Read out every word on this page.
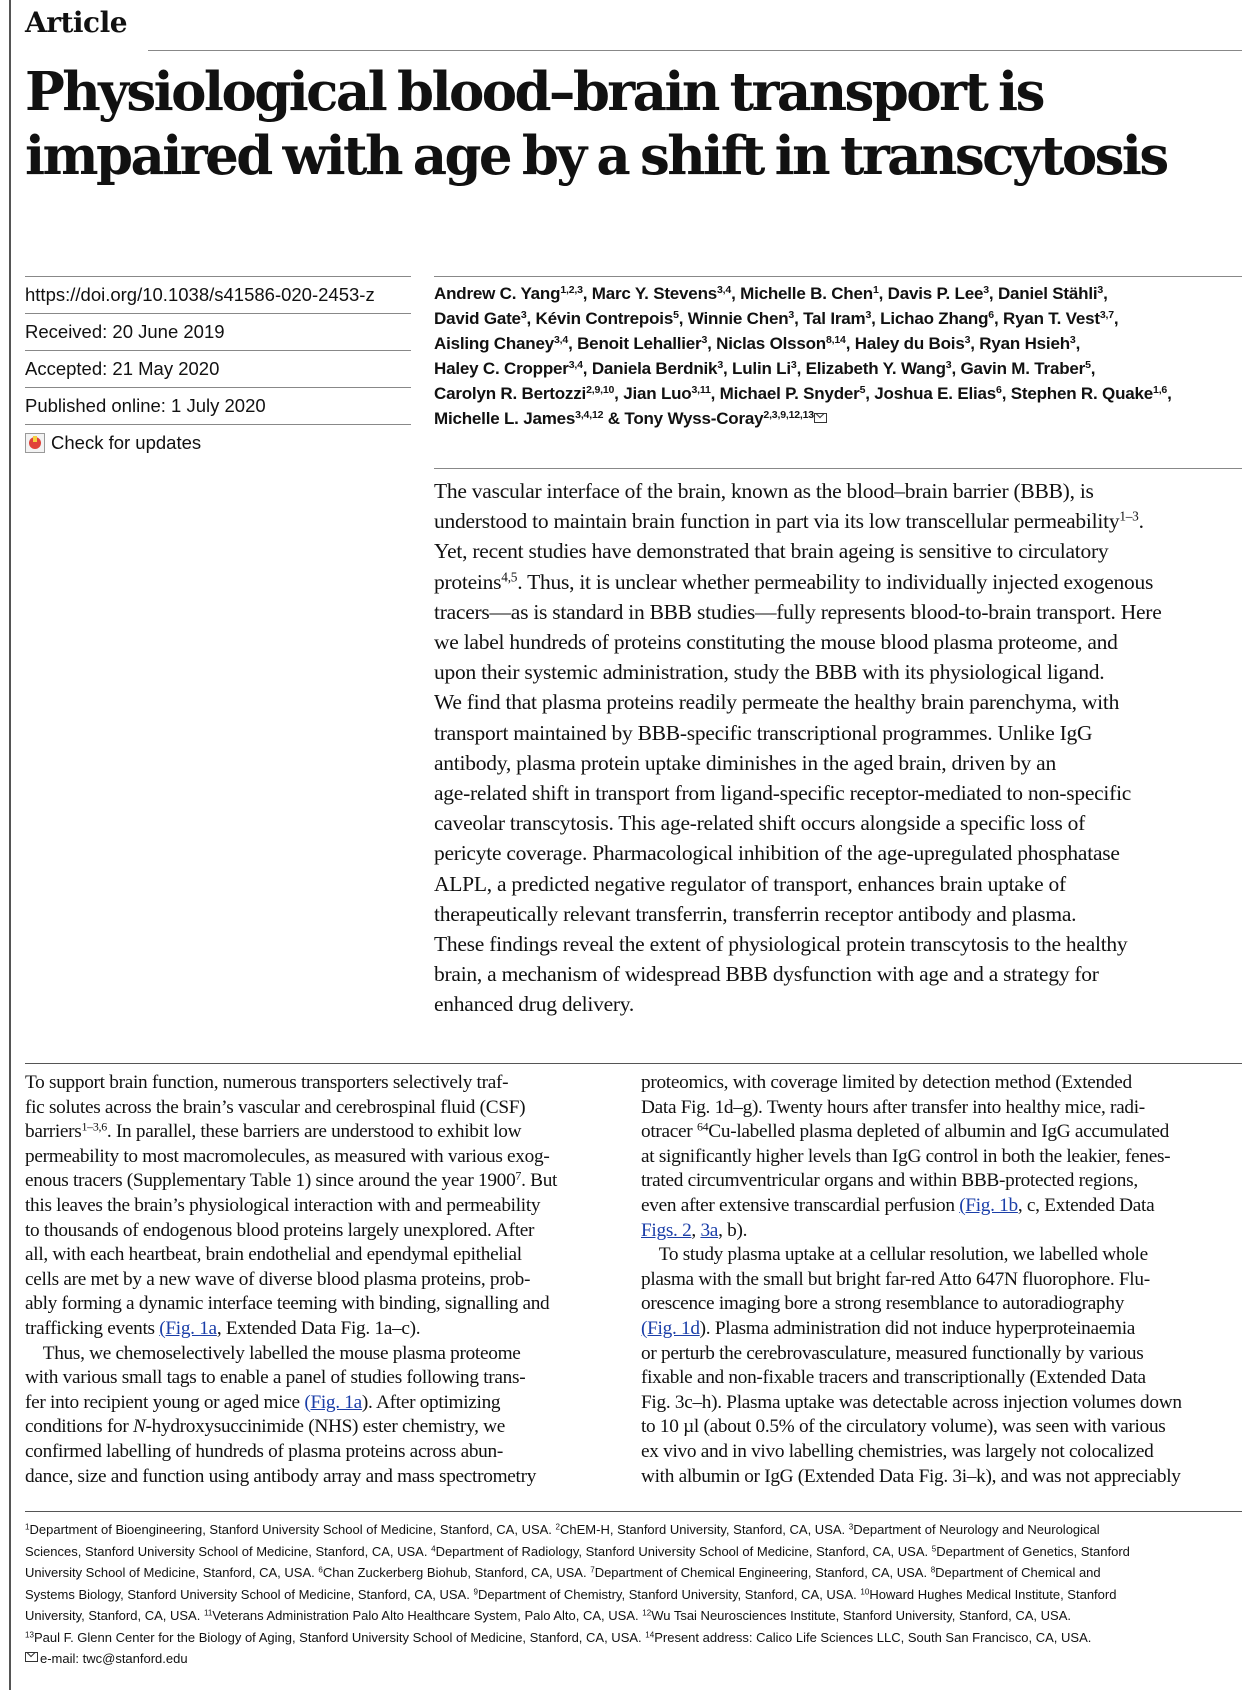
Article
Physiological blood–brain transport is
impaired with age by a shift in transcytosis
https://doi.org/10.1038/s41586-020-2453-z
Received: 20 June 2019
Accepted: 21 May 2020
Published online: 1 July 2020
Check for updates
Andrew C. Yang$^{1,2,3}$, Marc Y. Stevens$^{3,4}$, Michelle B. Chen$^1$, Davis P. Lee$^3$, Daniel Stähli$^3$,
David Gate$^3$, Kévin Contrepois$^5$, Winnie Chen$^3$, Tal Iram$^3$, Lichao Zhang$^6$, Ryan T. Vest$^{3,7}$,
Aisling Chaney$^{3,4}$, Benoit Lehallier$^3$, Niclas Olsson$^{8,14}$, Haley du Bois$^3$, Ryan Hsieh$^3$,
Haley C. Cropper$^{3,4}$, Daniela Berdnik$^3$, Lulin Li$^3$, Elizabeth Y. Wang$^3$, Gavin M. Traber$^5$,
Carolyn R. Bertozzi$^{2,9,10}$, Jian Luo$^{3,11}$, Michael P. Snyder$^5$, Joshua E. Elias$^6$, Stephen R. Quake$^{1,6}$,
Michelle L. James$^{3,4,12}$ & Tony Wyss-Coray$^{2,3,9,12,13}$
The vascular interface of the brain, known as the blood–brain barrier (BBB), is
understood to maintain brain function in part via its low transcellular permeability$^{1-3}$.
Yet, recent studies have demonstrated that brain ageing is sensitive to circulatory
proteins$^{4,5}$. Thus, it is unclear whether permeability to individually injected exogenous
tracers—as is standard in BBB studies—fully represents blood-to-brain transport. Here
we label hundreds of proteins constituting the mouse blood plasma proteome, and
upon their systemic administration, study the BBB with its physiological ligand.
We find that plasma proteins readily permeate the healthy brain parenchyma, with
transport maintained by BBB-specific transcriptional programmes. Unlike IgG
antibody, plasma protein uptake diminishes in the aged brain, driven by an
age-related shift in transport from ligand-specific receptor-mediated to non-specific
caveolar transcytosis. This age-related shift occurs alongside a specific loss of
pericyte coverage. Pharmacological inhibition of the age-upregulated phosphatase
ALPL, a predicted negative regulator of transport, enhances brain uptake of
therapeutically relevant transferrin, transferrin receptor antibody and plasma.
These findings reveal the extent of physiological protein transcytosis to the healthy
brain, a mechanism of widespread BBB dysfunction with age and a strategy for
enhanced drug delivery.
To support brain function, numerous transporters selectively traf-
fic solutes across the brain’s vascular and cerebrospinal fluid (CSF)
barriers$^{1-3,6}$. In parallel, these barriers are understood to exhibit low
permeability to most macromolecules, as measured with various exog-
enous tracers (Supplementary Table 1) since around the year 1900$^7$. But
this leaves the brain’s physiological interaction with and permeability
to thousands of endogenous blood proteins largely unexplored. After
all, with each heartbeat, brain endothelial and ependymal epithelial
cells are met by a new wave of diverse blood plasma proteins, prob-
ably forming a dynamic interface teeming with binding, signalling and
trafficking events (Fig. 1a, Extended Data Fig. 1a–c).
Thus, we chemoselectively labelled the mouse plasma proteome
with various small tags to enable a panel of studies following trans-
fer into recipient young or aged mice (Fig. 1a). After optimizing
conditions for N-hydroxysuccinimide (NHS) ester chemistry, we
confirmed labelling of hundreds of plasma proteins across abun-
dance, size and function using antibody array and mass spectrometry
proteomics, with coverage limited by detection method (Extended
Data Fig. 1d–g). Twenty hours after transfer into healthy mice, radi-
otracer $^{64}$Cu-labelled plasma depleted of albumin and IgG accumulated
at significantly higher levels than IgG control in both the leakier, fenes-
trated circumventricular organs and within BBB-protected regions,
even after extensive transcardial perfusion (Fig. 1b, c, Extended Data
Figs. 2, 3a, b).
To study plasma uptake at a cellular resolution, we labelled whole
plasma with the small but bright far-red Atto 647N fluorophore. Flu-
orescence imaging bore a strong resemblance to autoradiography
(Fig. 1d). Plasma administration did not induce hyperproteinaemia
or perturb the cerebrovasculature, measured functionally by various
fixable and non-fixable tracers and transcriptionally (Extended Data
Fig. 3c–h). Plasma uptake was detectable across injection volumes down
to 10 µl (about 0.5% of the circulatory volume), was seen with various
ex vivo and in vivo labelling chemistries, was largely not colocalized
with albumin or IgG (Extended Data Fig. 3i–k), and was not appreciably
$^1$Department of Bioengineering, Stanford University School of Medicine, Stanford, CA, USA. $^2$ChEM-H, Stanford University, Stanford, CA, USA. $^3$Department of Neurology and Neurological
Sciences, Stanford University School of Medicine, Stanford, CA, USA. $^4$Department of Radiology, Stanford University School of Medicine, Stanford, CA, USA. $^5$Department of Genetics, Stanford
University School of Medicine, Stanford, CA, USA. $^6$Chan Zuckerberg Biohub, Stanford, CA, USA. $^7$Department of Chemical Engineering, Stanford, CA, USA. $^8$Department of Chemical and
Systems Biology, Stanford University School of Medicine, Stanford, CA, USA. $^9$Department of Chemistry, Stanford University, Stanford, CA, USA. $^{10}$Howard Hughes Medical Institute, Stanford
University, Stanford, CA, USA. $^{11}$Veterans Administration Palo Alto Healthcare System, Palo Alto, CA, USA. $^{12}$Wu Tsai Neurosciences Institute, Stanford University, Stanford, CA, USA.
$^{13}$Paul F. Glenn Center for the Biology of Aging, Stanford University School of Medicine, Stanford, CA, USA. $^{14}$Present address: Calico Life Sciences LLC, South San Francisco, CA, USA.
e-mail: twc@stanford.edu
